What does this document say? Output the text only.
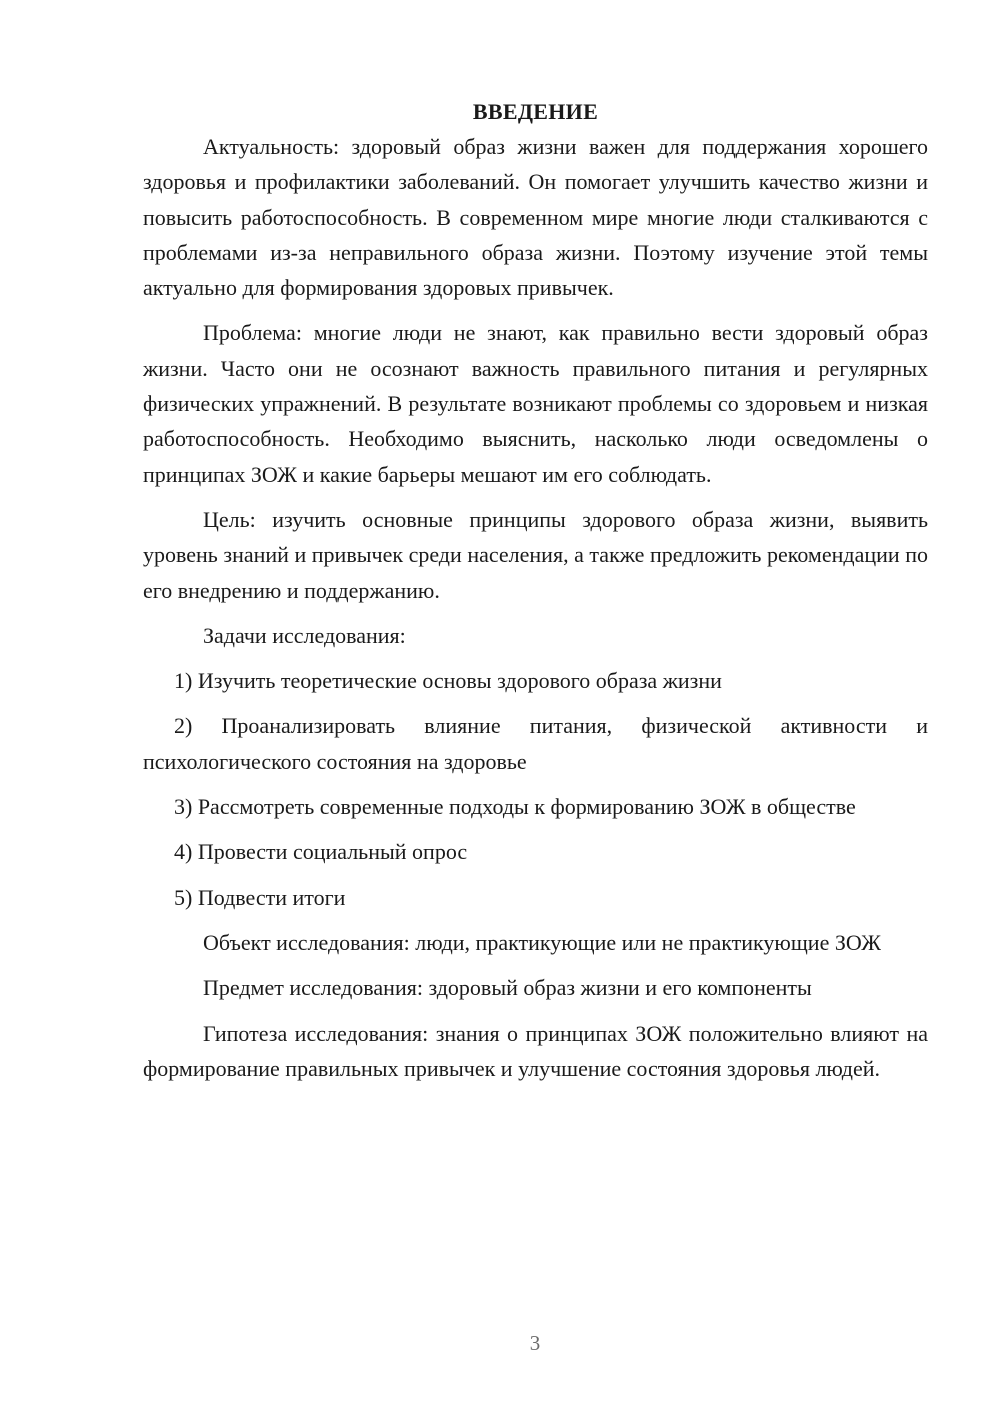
ВВЕДЕНИЕ

Актуальность: здоровый образ жизни важен для поддержания хорошего здоровья и профилактики заболеваний. Он помогает улучшить качество жизни и повысить работоспособность. В современном мире многие люди сталкиваются с проблемами из-за неправильного образа жизни. Поэтому изучение этой темы актуально для формирования здоровых привычек.

Проблема: многие люди не знают, как правильно вести здоровый образ жизни. Часто они не осознают важность правильного питания и регулярных физических упражнений. В результате возникают проблемы со здоровьем и низкая работоспособность. Необходимо выяснить, насколько люди осведомлены о принципах ЗОЖ и какие барьеры мешают им его соблюдать.

Цель: изучить основные принципы здорового образа жизни, выявить уровень знаний и привычек среди населения, а также предложить рекомендации по его внедрению и поддержанию.

Задачи исследования:

1) Изучить теоретические основы здорового образа жизни

2) Проанализировать влияние питания, физической активности и психологического состояния на здоровье

3) Рассмотреть современные подходы к формированию ЗОЖ в обществе

4) Провести социальный опрос

5) Подвести итоги

Объект исследования: люди, практикующие или не практикующие ЗОЖ

Предмет исследования: здоровый образ жизни и его компоненты

Гипотеза исследования: знания о принципах ЗОЖ положительно влияют на формирование правильных привычек и улучшение состояния здоровья людей.

3
